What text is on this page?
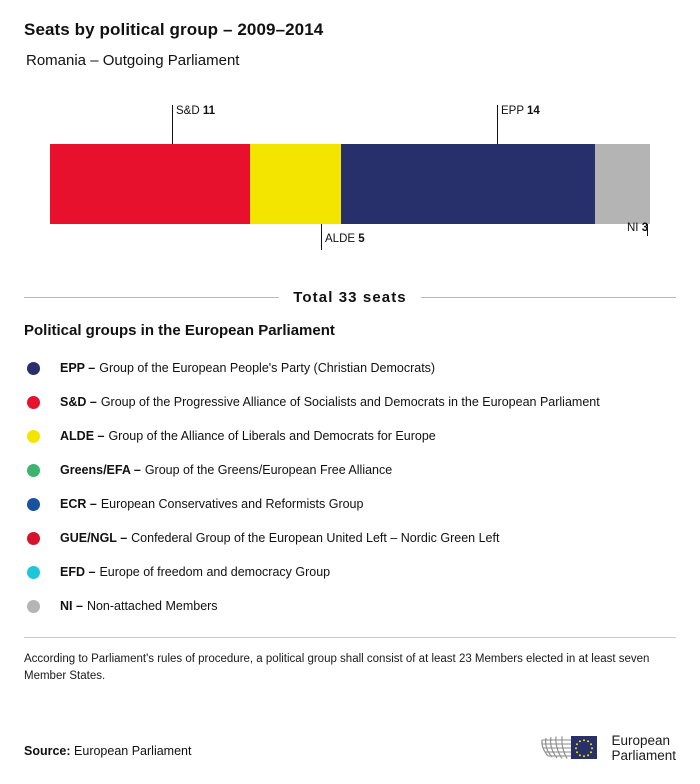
Seats by political group – 2009–2014
Romania – Outgoing Parliament
S&D 11	EPP 14
ALDE 5
NI 3
Total 33 seats
Political groups in the European Parliament
EPP – Group of the European People's Party (Christian Democrats)
S&D – Group of the Progressive Alliance of Socialists and Democrats in the European Parliament
ALDE – Group of the Alliance of Liberals and Democrats for Europe
Greens/EFA – Group of the Greens/European Free Alliance
ECR – European Conservatives and Reformists Group
GUE/NGL – Confederal Group of the European United Left – Nordic Green Left
EFD – Europe of freedom and democracy Group
NI – Non-attached Members

According to Parliament's rules of procedure, a political group shall consist of at least 23 Members elected in at least seven Member States.

Source: European Parliament
European
Parliament
